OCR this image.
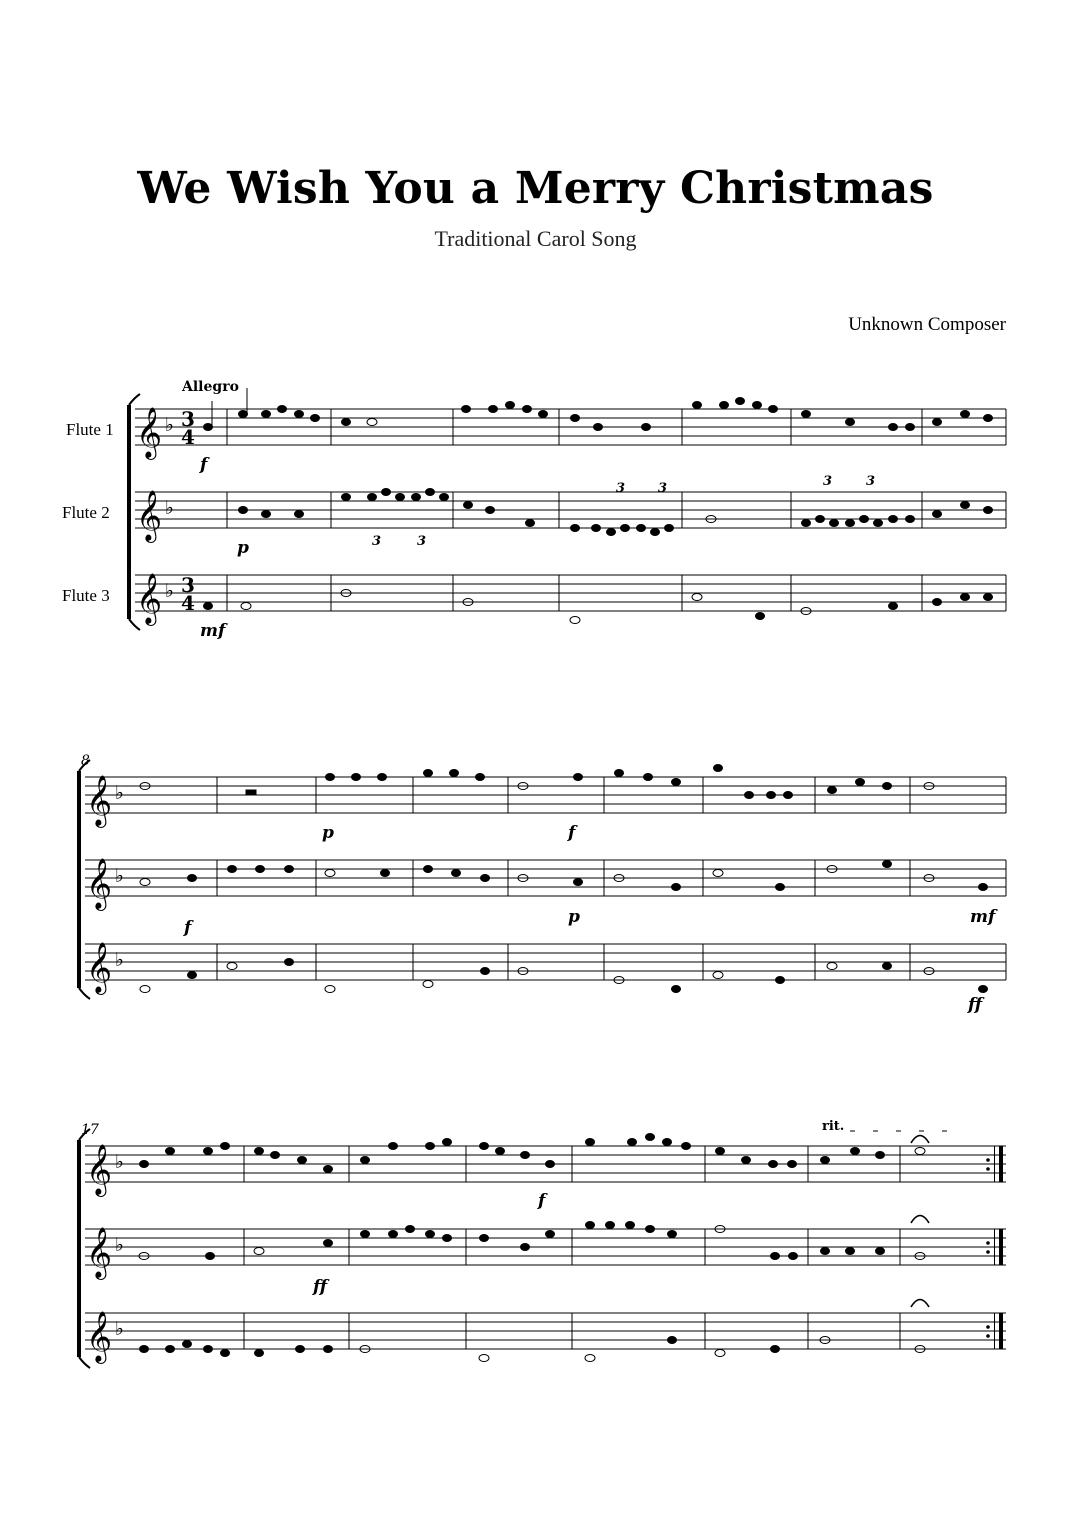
We Wish You a Merry Christmas
Traditional Carol Song
Unknown Composer
Allegro
Flute 1
Flute 2
Flute 3
𝄞
𝄞
𝄞
♭
♭
♭
3
4
3
4
3	3
3	3	3	3
f
p
mf
8
𝄞
𝄞
𝄞
♭
♭
♭
p	f
f
p	mf
ff
17	rit.
𝄞
𝄞
𝄞
♭
♭
♭
f
ff
